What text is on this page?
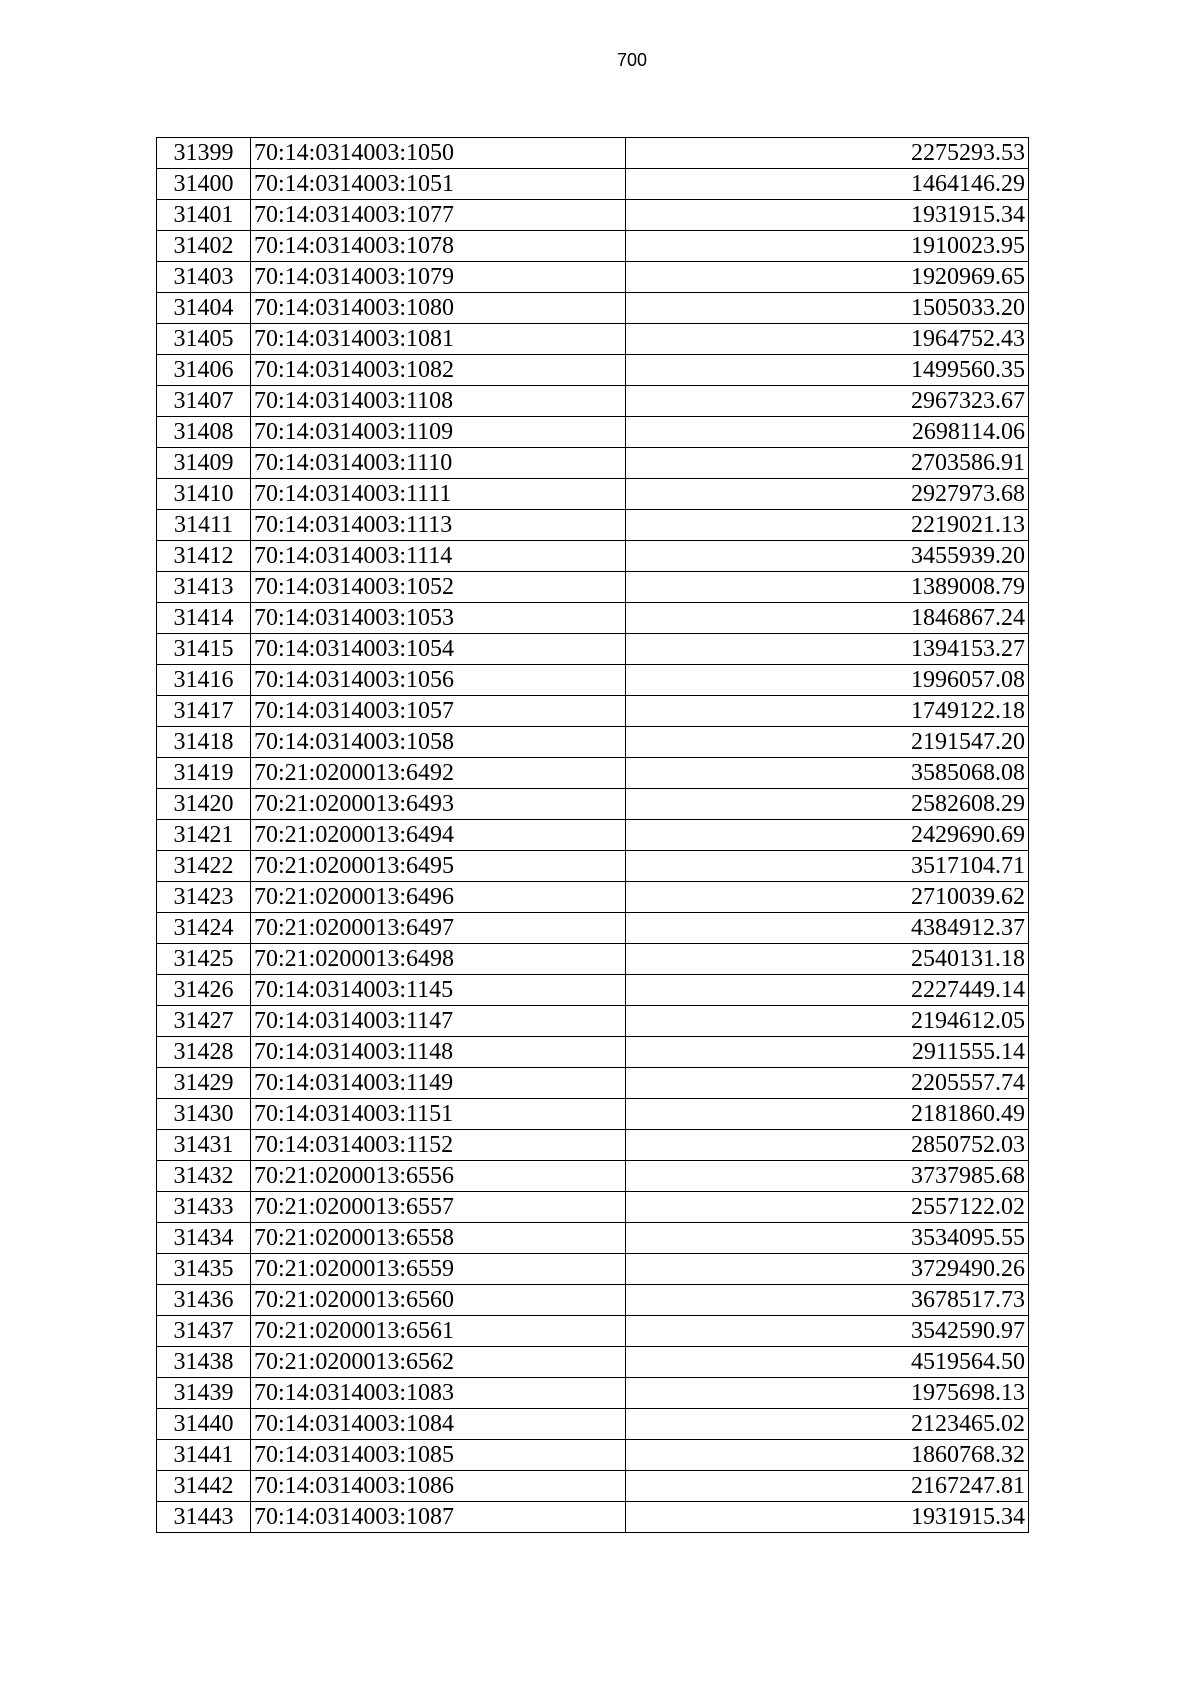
700
31399	70:14:0314003:1050	2275293.53
31400	70:14:0314003:1051	1464146.29
31401	70:14:0314003:1077	1931915.34
31402	70:14:0314003:1078	1910023.95
31403	70:14:0314003:1079	1920969.65
31404	70:14:0314003:1080	1505033.20
31405	70:14:0314003:1081	1964752.43
31406	70:14:0314003:1082	1499560.35
31407	70:14:0314003:1108	2967323.67
31408	70:14:0314003:1109	2698114.06
31409	70:14:0314003:1110	2703586.91
31410	70:14:0314003:1111	2927973.68
31411	70:14:0314003:1113	2219021.13
31412	70:14:0314003:1114	3455939.20
31413	70:14:0314003:1052	1389008.79
31414	70:14:0314003:1053	1846867.24
31415	70:14:0314003:1054	1394153.27
31416	70:14:0314003:1056	1996057.08
31417	70:14:0314003:1057	1749122.18
31418	70:14:0314003:1058	2191547.20
31419	70:21:0200013:6492	3585068.08
31420	70:21:0200013:6493	2582608.29
31421	70:21:0200013:6494	2429690.69
31422	70:21:0200013:6495	3517104.71
31423	70:21:0200013:6496	2710039.62
31424	70:21:0200013:6497	4384912.37
31425	70:21:0200013:6498	2540131.18
31426	70:14:0314003:1145	2227449.14
31427	70:14:0314003:1147	2194612.05
31428	70:14:0314003:1148	2911555.14
31429	70:14:0314003:1149	2205557.74
31430	70:14:0314003:1151	2181860.49
31431	70:14:0314003:1152	2850752.03
31432	70:21:0200013:6556	3737985.68
31433	70:21:0200013:6557	2557122.02
31434	70:21:0200013:6558	3534095.55
31435	70:21:0200013:6559	3729490.26
31436	70:21:0200013:6560	3678517.73
31437	70:21:0200013:6561	3542590.97
31438	70:21:0200013:6562	4519564.50
31439	70:14:0314003:1083	1975698.13
31440	70:14:0314003:1084	2123465.02
31441	70:14:0314003:1085	1860768.32
31442	70:14:0314003:1086	2167247.81
31443	70:14:0314003:1087	1931915.34
